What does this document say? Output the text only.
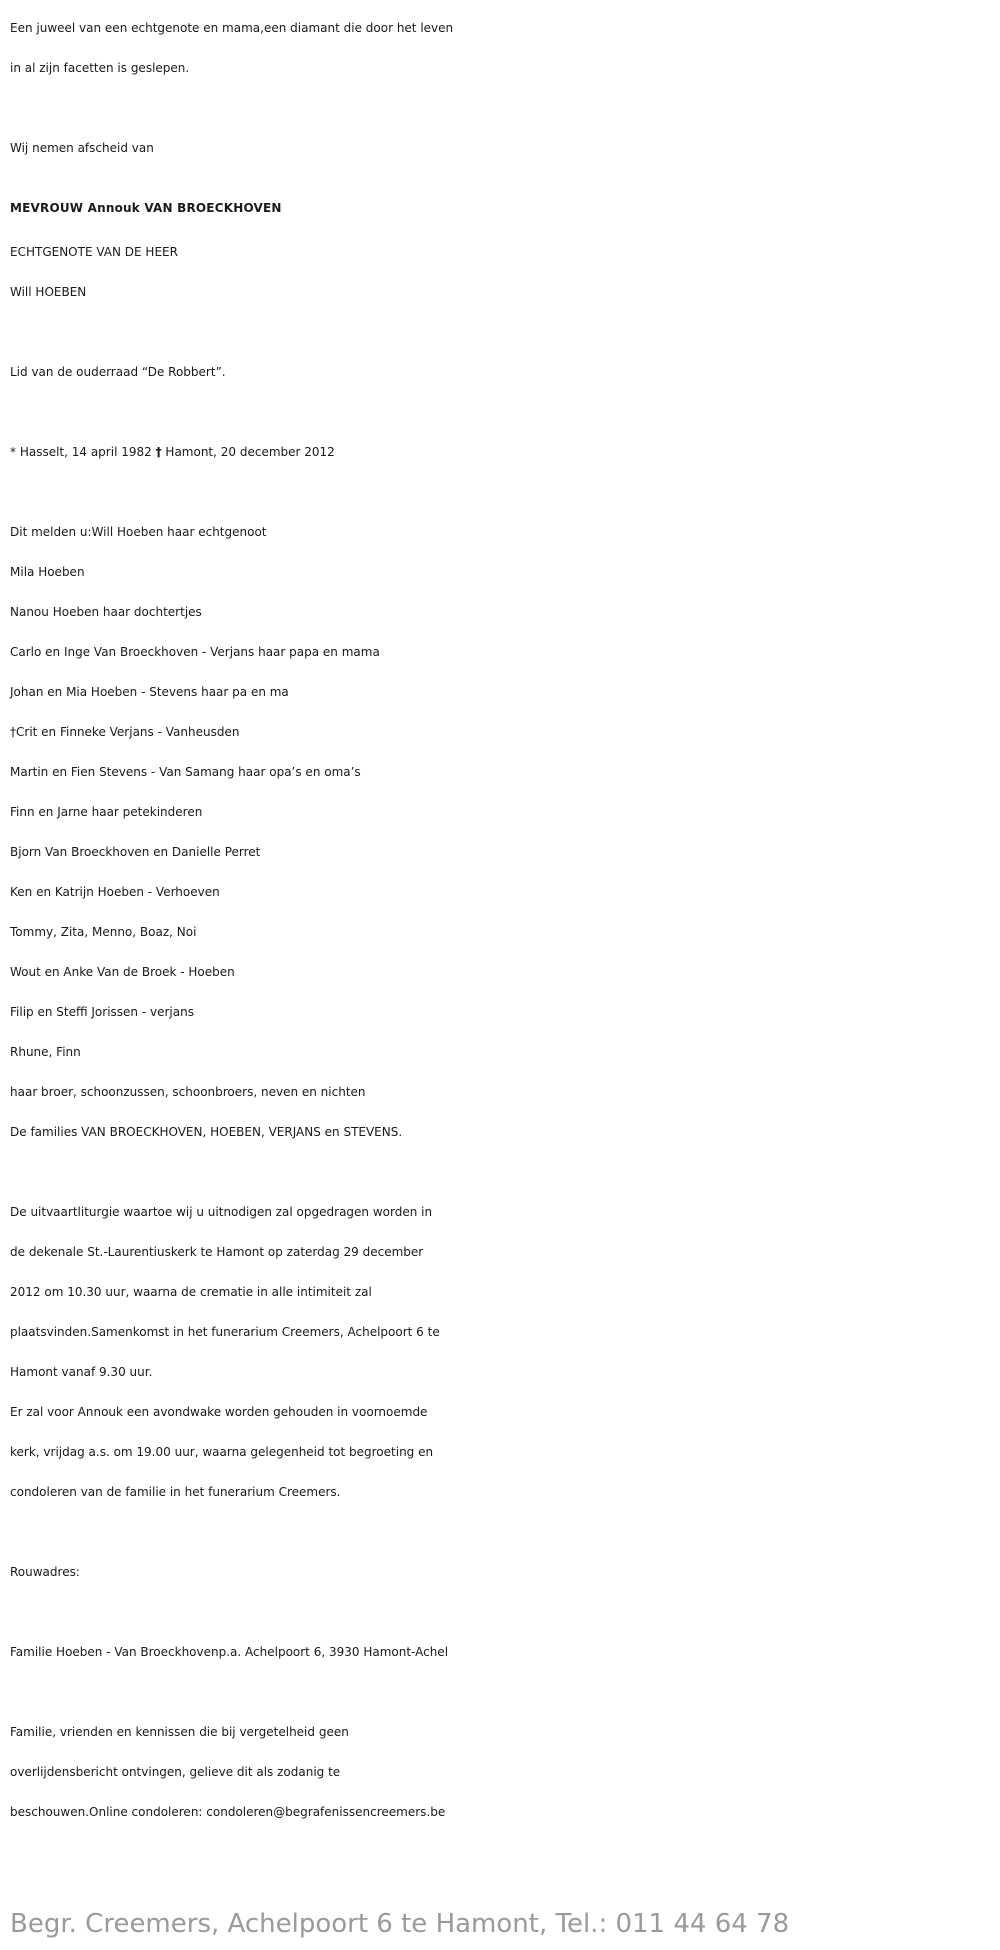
Een juweel van een echtgenote en mama,een diamant die door het leven
in al zijn facetten is geslepen.
Wij nemen afscheid van
MEVROUW Annouk VAN BROECKHOVEN
ECHTGENOTE VAN DE HEER
Will HOEBEN
Lid van de ouderraad “De Robbert”.
* Hasselt, 14 april 1982 † Hamont, 20 december 2012
Dit melden u:Will Hoeben haar echtgenoot
Mila Hoeben
Nanou Hoeben haar dochtertjes
Carlo en Inge Van Broeckhoven - Verjans haar papa en mama
Johan en Mia Hoeben - Stevens haar pa en ma
†Crit en Finneke Verjans - Vanheusden
Martin en Fien Stevens - Van Samang haar opa’s en oma’s
Finn en Jarne haar petekinderen
Bjorn Van Broeckhoven en Danielle Perret
Ken en Katrijn Hoeben - Verhoeven
Tommy, Zita, Menno, Boaz, Noi
Wout en Anke Van de Broek - Hoeben
Filip en Steffi Jorissen - verjans
Rhune, Finn
haar broer, schoonzussen, schoonbroers, neven en nichten
De families VAN BROECKHOVEN, HOEBEN, VERJANS en STEVENS.
De uitvaartliturgie waartoe wij u uitnodigen zal opgedragen worden in
de dekenale St.-Laurentiuskerk te Hamont op zaterdag 29 december
2012 om 10.30 uur, waarna de crematie in alle intimiteit zal
plaatsvinden.Samenkomst in het funerarium Creemers, Achelpoort 6 te
Hamont vanaf 9.30 uur.
Er zal voor Annouk een avondwake worden gehouden in voornoemde
kerk, vrijdag a.s. om 19.00 uur, waarna gelegenheid tot begroeting en
condoleren van de familie in het funerarium Creemers.
Rouwadres:
Familie Hoeben - Van Broeckhovenp.a. Achelpoort 6, 3930 Hamont-Achel
Familie, vrienden en kennissen die bij vergetelheid geen
overlijdensbericht ontvingen, gelieve dit als zodanig te
beschouwen.Online condoleren: condoleren@begrafenissencreemers.be
Begr. Creemers, Achelpoort 6 te Hamont, Tel.: 011 44 64 78
